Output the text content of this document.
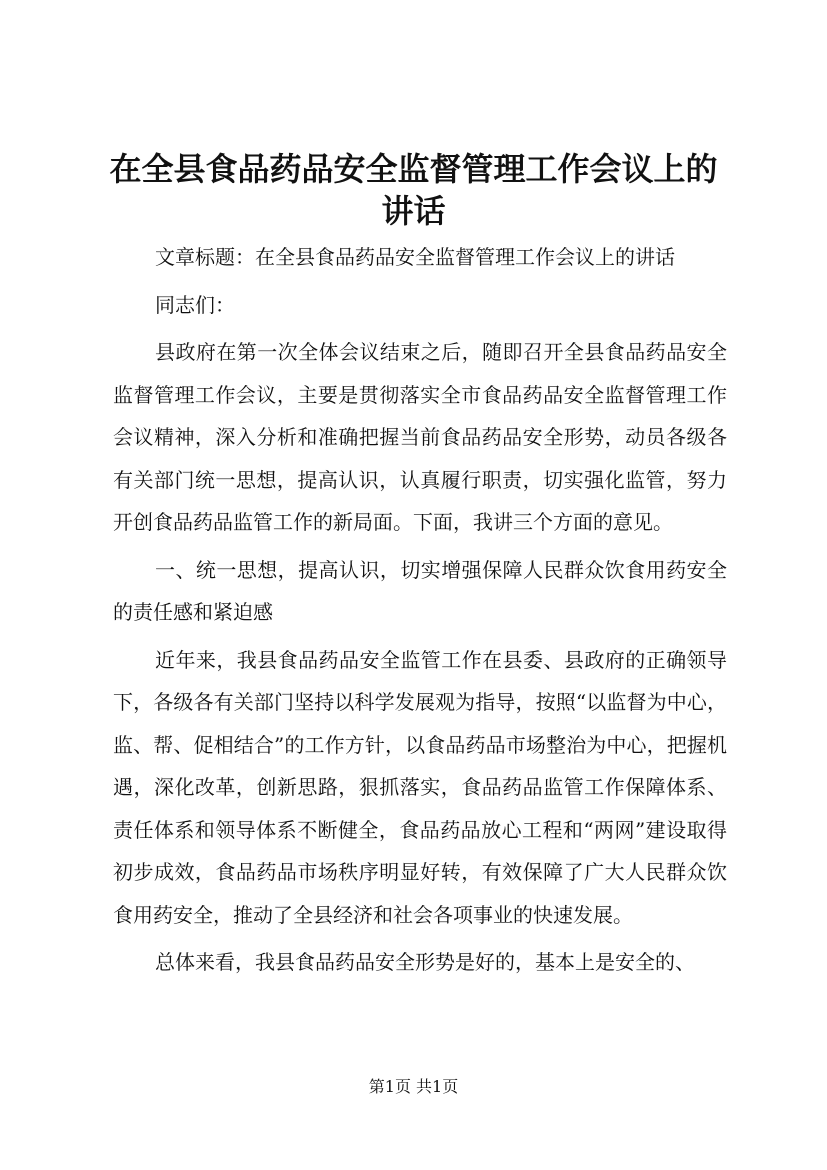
在全县食品药品安全监督管理工作会议上的讲话

文章标题：在全县食品药品安全监督管理工作会议上的讲话

同志们：

县政府在第一次全体会议结束之后，随即召开全县食品药品安全监督管理工作会议，主要是贯彻落实全市食品药品安全监督管理工作会议精神，深入分析和准确把握当前食品药品安全形势，动员各级各有关部门统一思想，提高认识，认真履行职责，切实强化监管，努力开创食品药品监管工作的新局面。下面，我讲三个方面的意见。

一、统一思想，提高认识，切实增强保障人民群众饮食用药安全的责任感和紧迫感

近年来，我县食品药品安全监管工作在县委、县政府的正确领导下，各级各有关部门坚持以科学发展观为指导，按照“以监督为中心，监、帮、促相结合”的工作方针，以食品药品市场整治为中心，把握机遇，深化改革，创新思路，狠抓落实，食品药品监管工作保障体系、责任体系和领导体系不断健全，食品药品放心工程和“两网”建设取得初步成效，食品药品市场秩序明显好转，有效保障了广大人民群众饮食用药安全，推动了全县经济和社会各项事业的快速发展。

总体来看，我县食品药品安全形势是好的，基本上是安全的、

第1页 共1页
